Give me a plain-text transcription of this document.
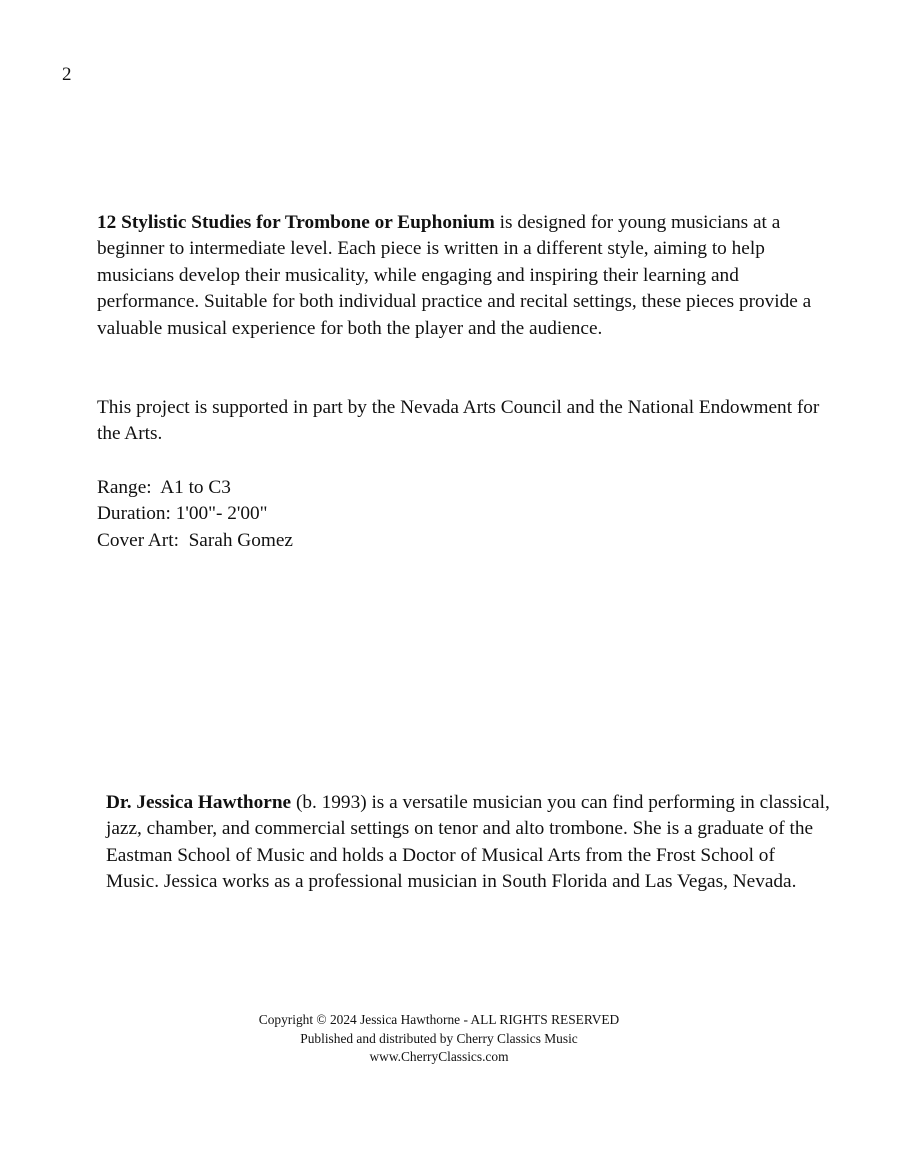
2

12 Stylistic Studies for Trombone or Euphonium is designed for young musicians at a beginner to intermediate level. Each piece is written in a different style, aiming to help musicians develop their musicality, while engaging and inspiring their learning and performance. Suitable for both individual practice and recital settings, these pieces provide a valuable musical experience for both the player and the audience.

This project is supported in part by the Nevada Arts Council and the National Endowment for the Arts.

Range:  A1 to C3
Duration: 1'00"- 2'00"
Cover Art:  Sarah Gomez

Dr. Jessica Hawthorne (b. 1993) is a versatile musician you can find performing in classical, jazz, chamber, and commercial settings on tenor and alto trombone. She is a graduate of the Eastman School of Music and holds a Doctor of Musical Arts from the Frost School of Music. Jessica works as a professional musician in South Florida and Las Vegas, Nevada.

Copyright © 2024 Jessica Hawthorne - ALL RIGHTS RESERVED
Published and distributed by Cherry Classics Music
www.CherryClassics.com
